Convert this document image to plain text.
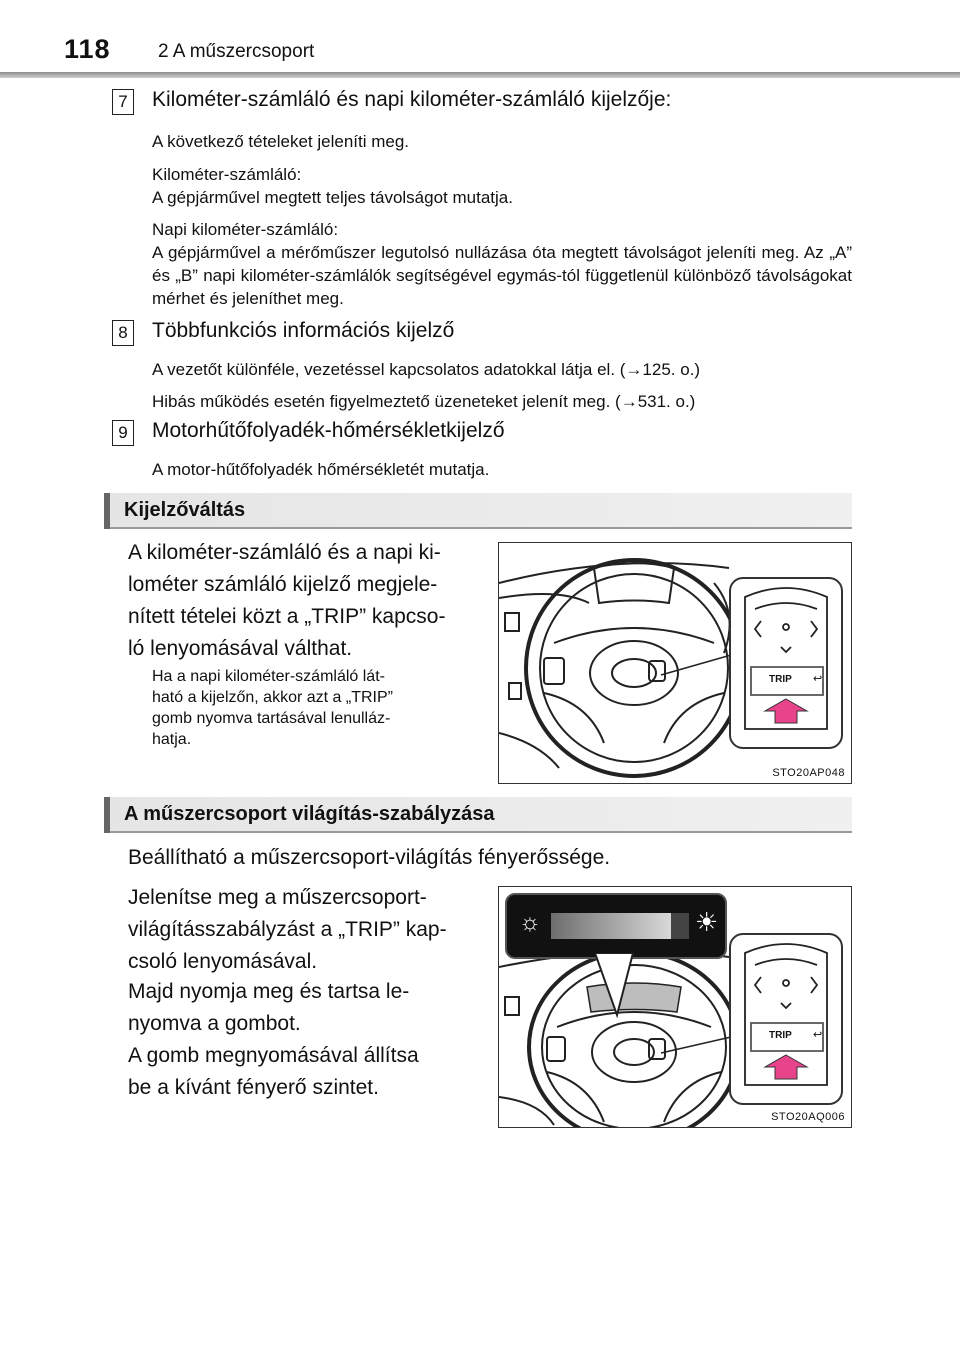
118 2 A műszercsoport
7 Kilométer-számláló és napi kilométer-számláló kijelzője:
A következő tételeket jeleníti meg.
Kilométer-számláló:
A gépjárművel megtett teljes távolságot mutatja.
Napi kilométer-számláló:
A gépjárművel a mérőműszer legutolsó nullázása óta megtett távolságot jeleníti meg. Az „A” és „B” napi kilométer-számlálók segítségével egymás-tól függetlenül különböző távolságokat mérhet és jeleníthet meg.
8 Többfunkciós információs kijelző
A vezetőt különféle, vezetéssel kapcsolatos adatokkal látja el. (→125. o.)
Hibás működés esetén figyelmeztető üzeneteket jelenít meg. (→531. o.)
9 Motorhűtőfolyadék-hőmérsékletkijelző
A motor-hűtőfolyadék hőmérsékletét mutatja.
Kijelzőváltás
A kilométer-számláló és a napi ki-
lométer számláló kijelző megjele-
nített tételei közt a „TRIP” kapcso-
ló lenyomásával válthat.
Ha a napi kilométer-számláló lát-
ható a kijelzőn, akkor azt a „TRIP”
gomb nyomva tartásával lenulláz-
hatja.
TRIP ↩
STO20AP048
A műszercsoport világítás-szabályzása
Beállítható a műszercsoport-világítás fényerőssége.
Jelenítse meg a műszercsoport-
világításszabályzást a „TRIP” kap-
csoló lenyomásával.
Majd nyomja meg és tartsa le-
nyomva a gombot.
A gomb megnyomásával állítsa
be a kívánt fényerő szintet.
☼	☀
TRIP ↩
STO20AQ006
